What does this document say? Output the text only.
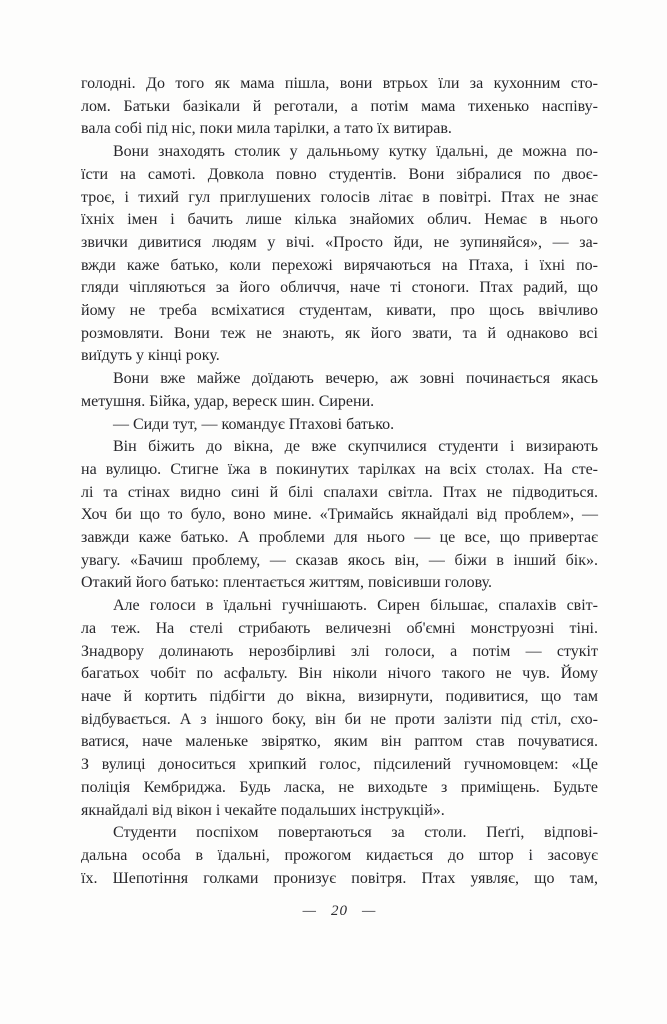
голодні. До того як мама пішла, вони втрьох їли за кухонним сто-
лом. Батьки базікали й реготали, а потім мама тихенько наспіву-
вала собі під ніс, поки мила тарілки, а тато їх витирав.
Вони знаходять столик у дальньому кутку їдальні, де можна по-
їсти на самоті. Довкола повно студентів. Вони зібралися по двоє-
троє, і тихий гул приглушених голосів літає в повітрі. Птах не знає
їхніх імен і бачить лише кілька знайомих облич. Немає в нього
звички дивитися людям у вічі. «Просто йди, не зупиняйся», — за-
вжди каже батько, коли перехожі вирячаються на Птаха, і їхні по-
гляди чіпляються за його обличчя, наче ті стоноги. Птах радий, що
йому не треба всміхатися студентам, кивати, про щось ввічливо
розмовляти. Вони теж не знають, як його звати, та й однаково всі
виїдуть у кінці року.
Вони вже майже доїдають вечерю, аж зовні починається якась
метушня. Бійка, удар, вереск шин. Сирени.
— Сиди тут, — командує Птахові батько.
Він біжить до вікна, де вже скупчилися студенти і визирають
на вулицю. Стигне їжа в покинутих тарілках на всіх столах. На сте-
лі та стінах видно сині й білі спалахи світла. Птах не підводиться.
Хоч би що то було, воно мине. «Тримайсь якнайдалі від проблем», —
завжди каже батько. А проблеми для нього — це все, що привертає
увагу. «Бачиш проблему, — сказав якось він, — біжи в інший бік».
Отакий його батько: плентається життям, повісивши голову.
Але голоси в їдальні гучнішають. Сирен більшає, спалахів світ-
ла теж. На стелі стрибають величезні об'ємні монструозні тіні.
Знадвору долинають нерозбірливі злі голоси, а потім — стукіт
багатьох чобіт по асфальту. Він ніколи нічого такого не чув. Йому
наче й кортить підбігти до вікна, визирнути, подивитися, що там
відбувається. А з іншого боку, він би не проти залізти під стіл, схо-
ватися, наче маленьке звірятко, яким він раптом став почуватися.
З вулиці доноситься хрипкий голос, підсилений гучномовцем: «Це
поліція Кембриджа. Будь ласка, не виходьте з приміщень. Будьте
якнайдалі від вікон і чекайте подальших інструкцій».
Студенти поспіхом повертаються за столи. Пеґґі, відпові-
дальна особа в їдальні, прожогом кидається до штор і засовує
їх. Шепотіння голками пронизує повітря. Птах уявляє, що там,
— 20 —
